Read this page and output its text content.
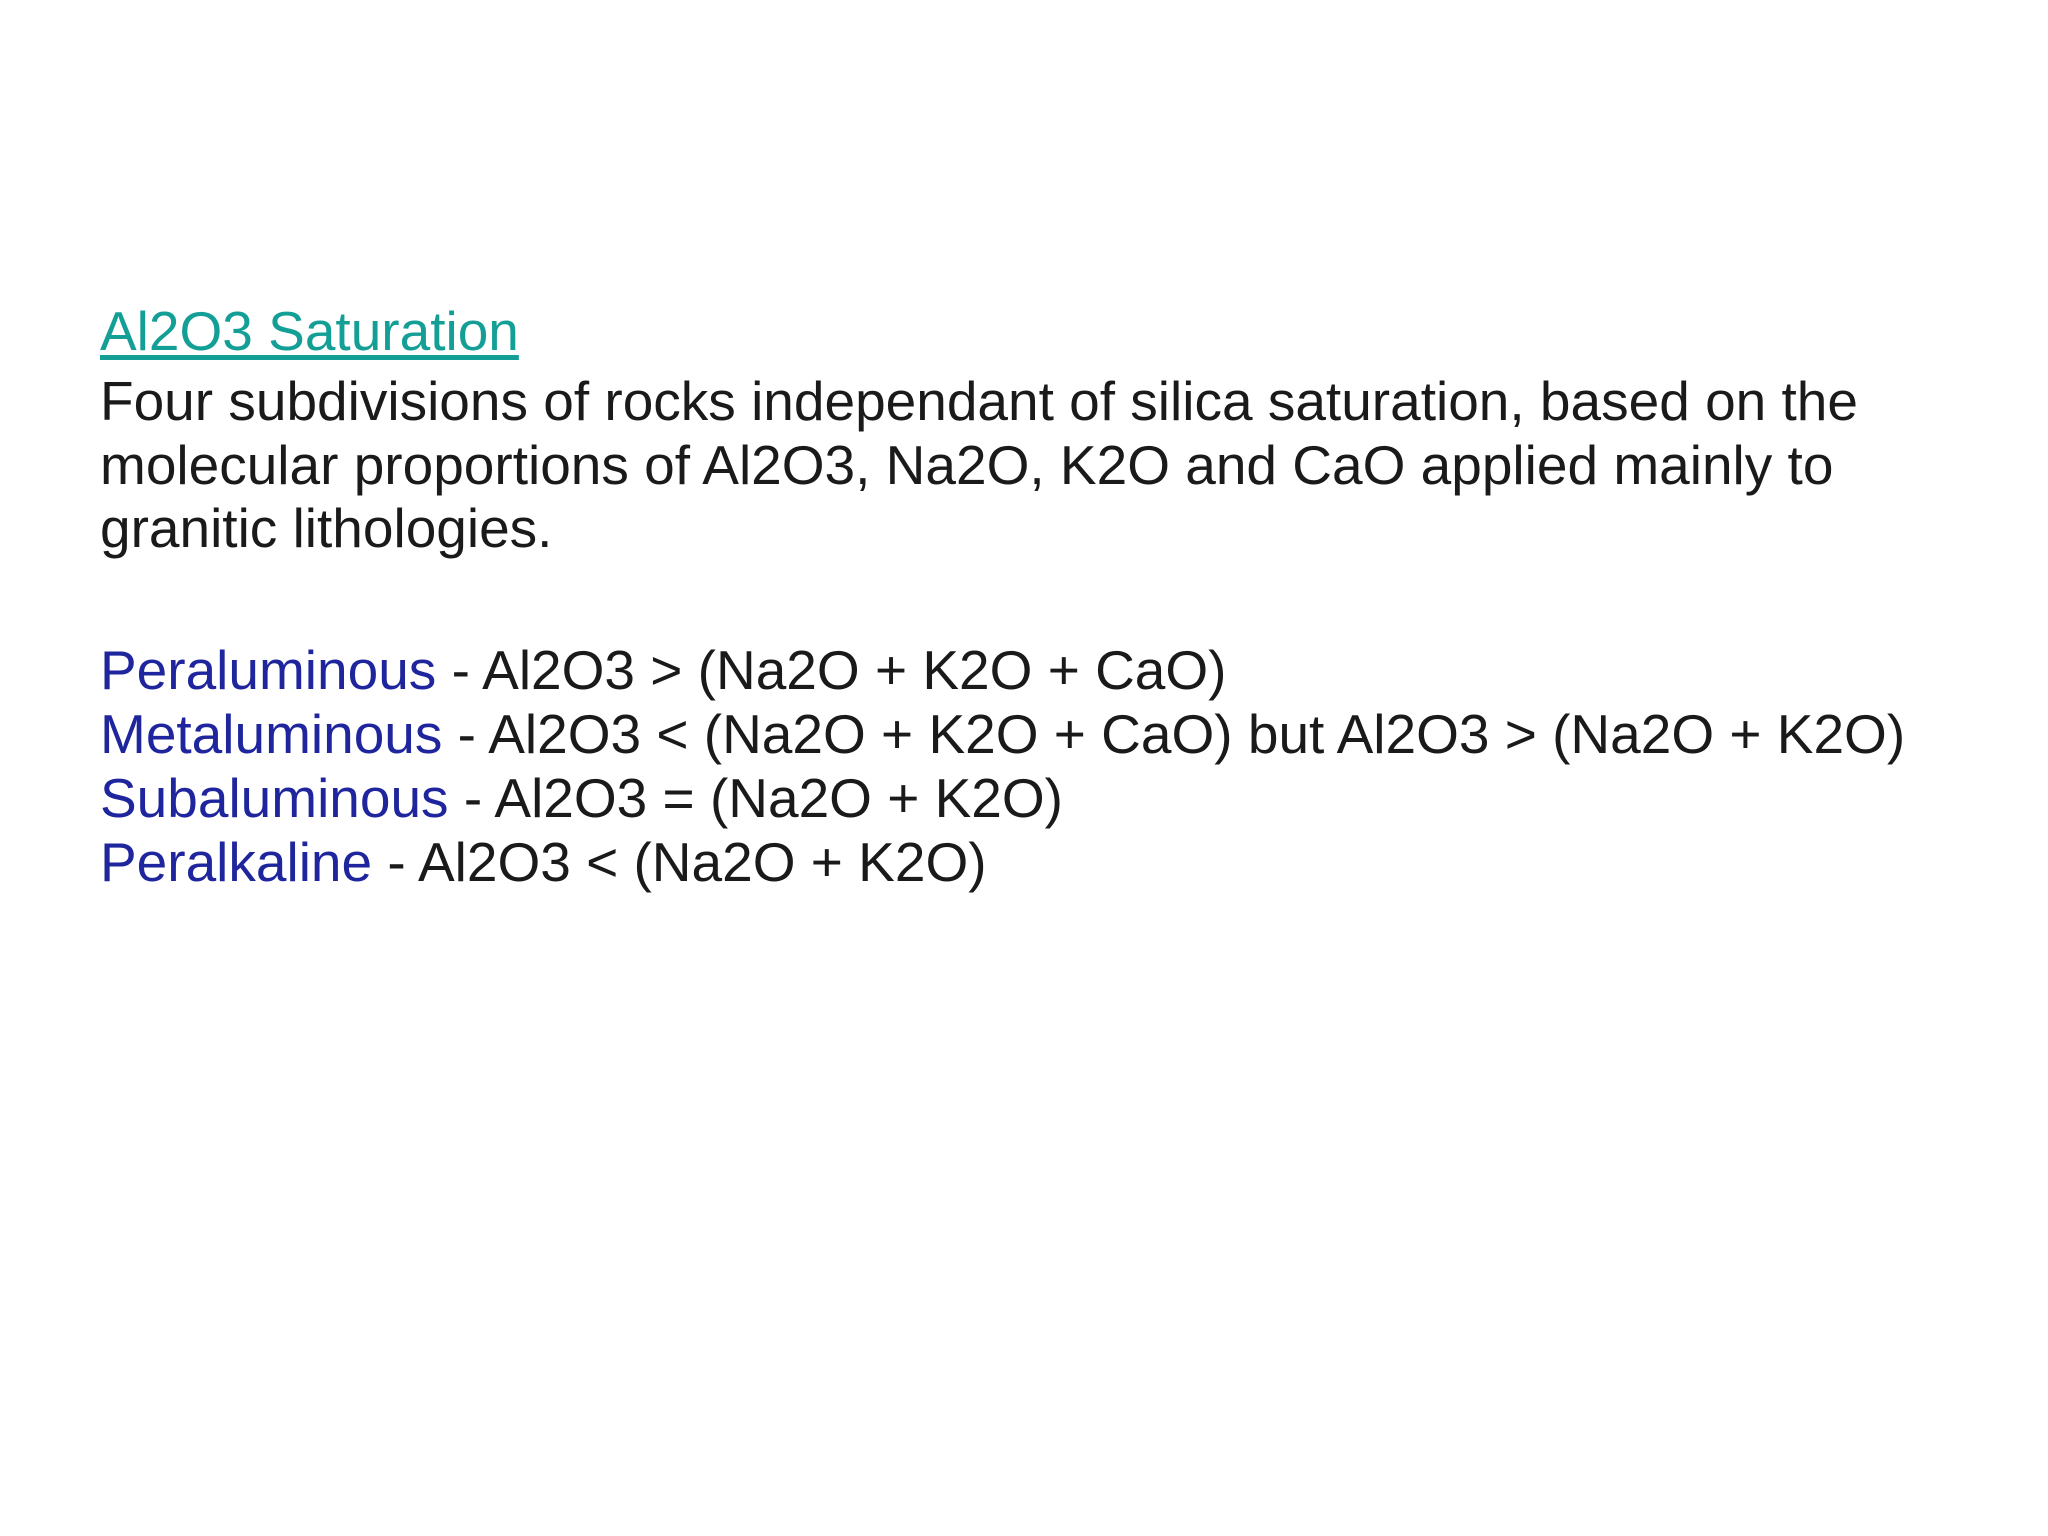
Al2O3 Saturation

Four subdivisions of rocks independant of silica saturation, based on the molecular proportions of Al2O3, Na2O, K2O and CaO applied mainly to granitic lithologies.

Peraluminous - Al2O3 > (Na2O + K2O + CaO)

Metaluminous - Al2O3 < (Na2O + K2O + CaO) but Al2O3 > (Na2O + K2O)

Subaluminous - Al2O3 = (Na2O + K2O)

Peralkaline - Al2O3 < (Na2O + K2O)
